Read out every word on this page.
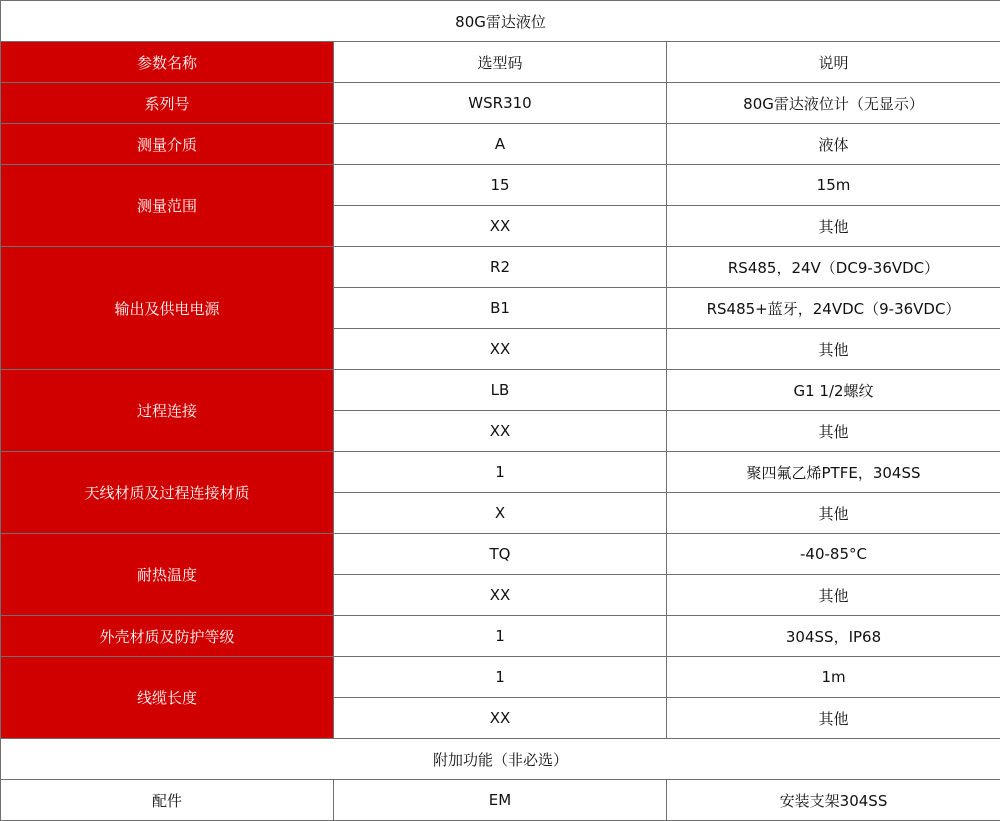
80G雷达液位		
参数名称	选型码	说明
系列号	WSR310	80G雷达液位计（无显示）
测量介质	A	液体
测量范围	15	15m
	XX	其他
输出及供电电源	R2	RS485，24V（DC9-36VDC）
	B1	RS485+蓝牙，24VDC（9-36VDC）
	XX	其他
过程连接	LB	G1 1/2螺纹
	XX	其他
天线材质及过程连接材质	1	聚四氟乙烯PTFE，304SS
	X	其他
耐热温度	TQ	-40-85°C
	XX	其他
外壳材质及防护等级	1	304SS，IP68
线缆长度	1	1m
	XX	其他
附加功能（非必选）		
配件	EM	安装支架304SS
